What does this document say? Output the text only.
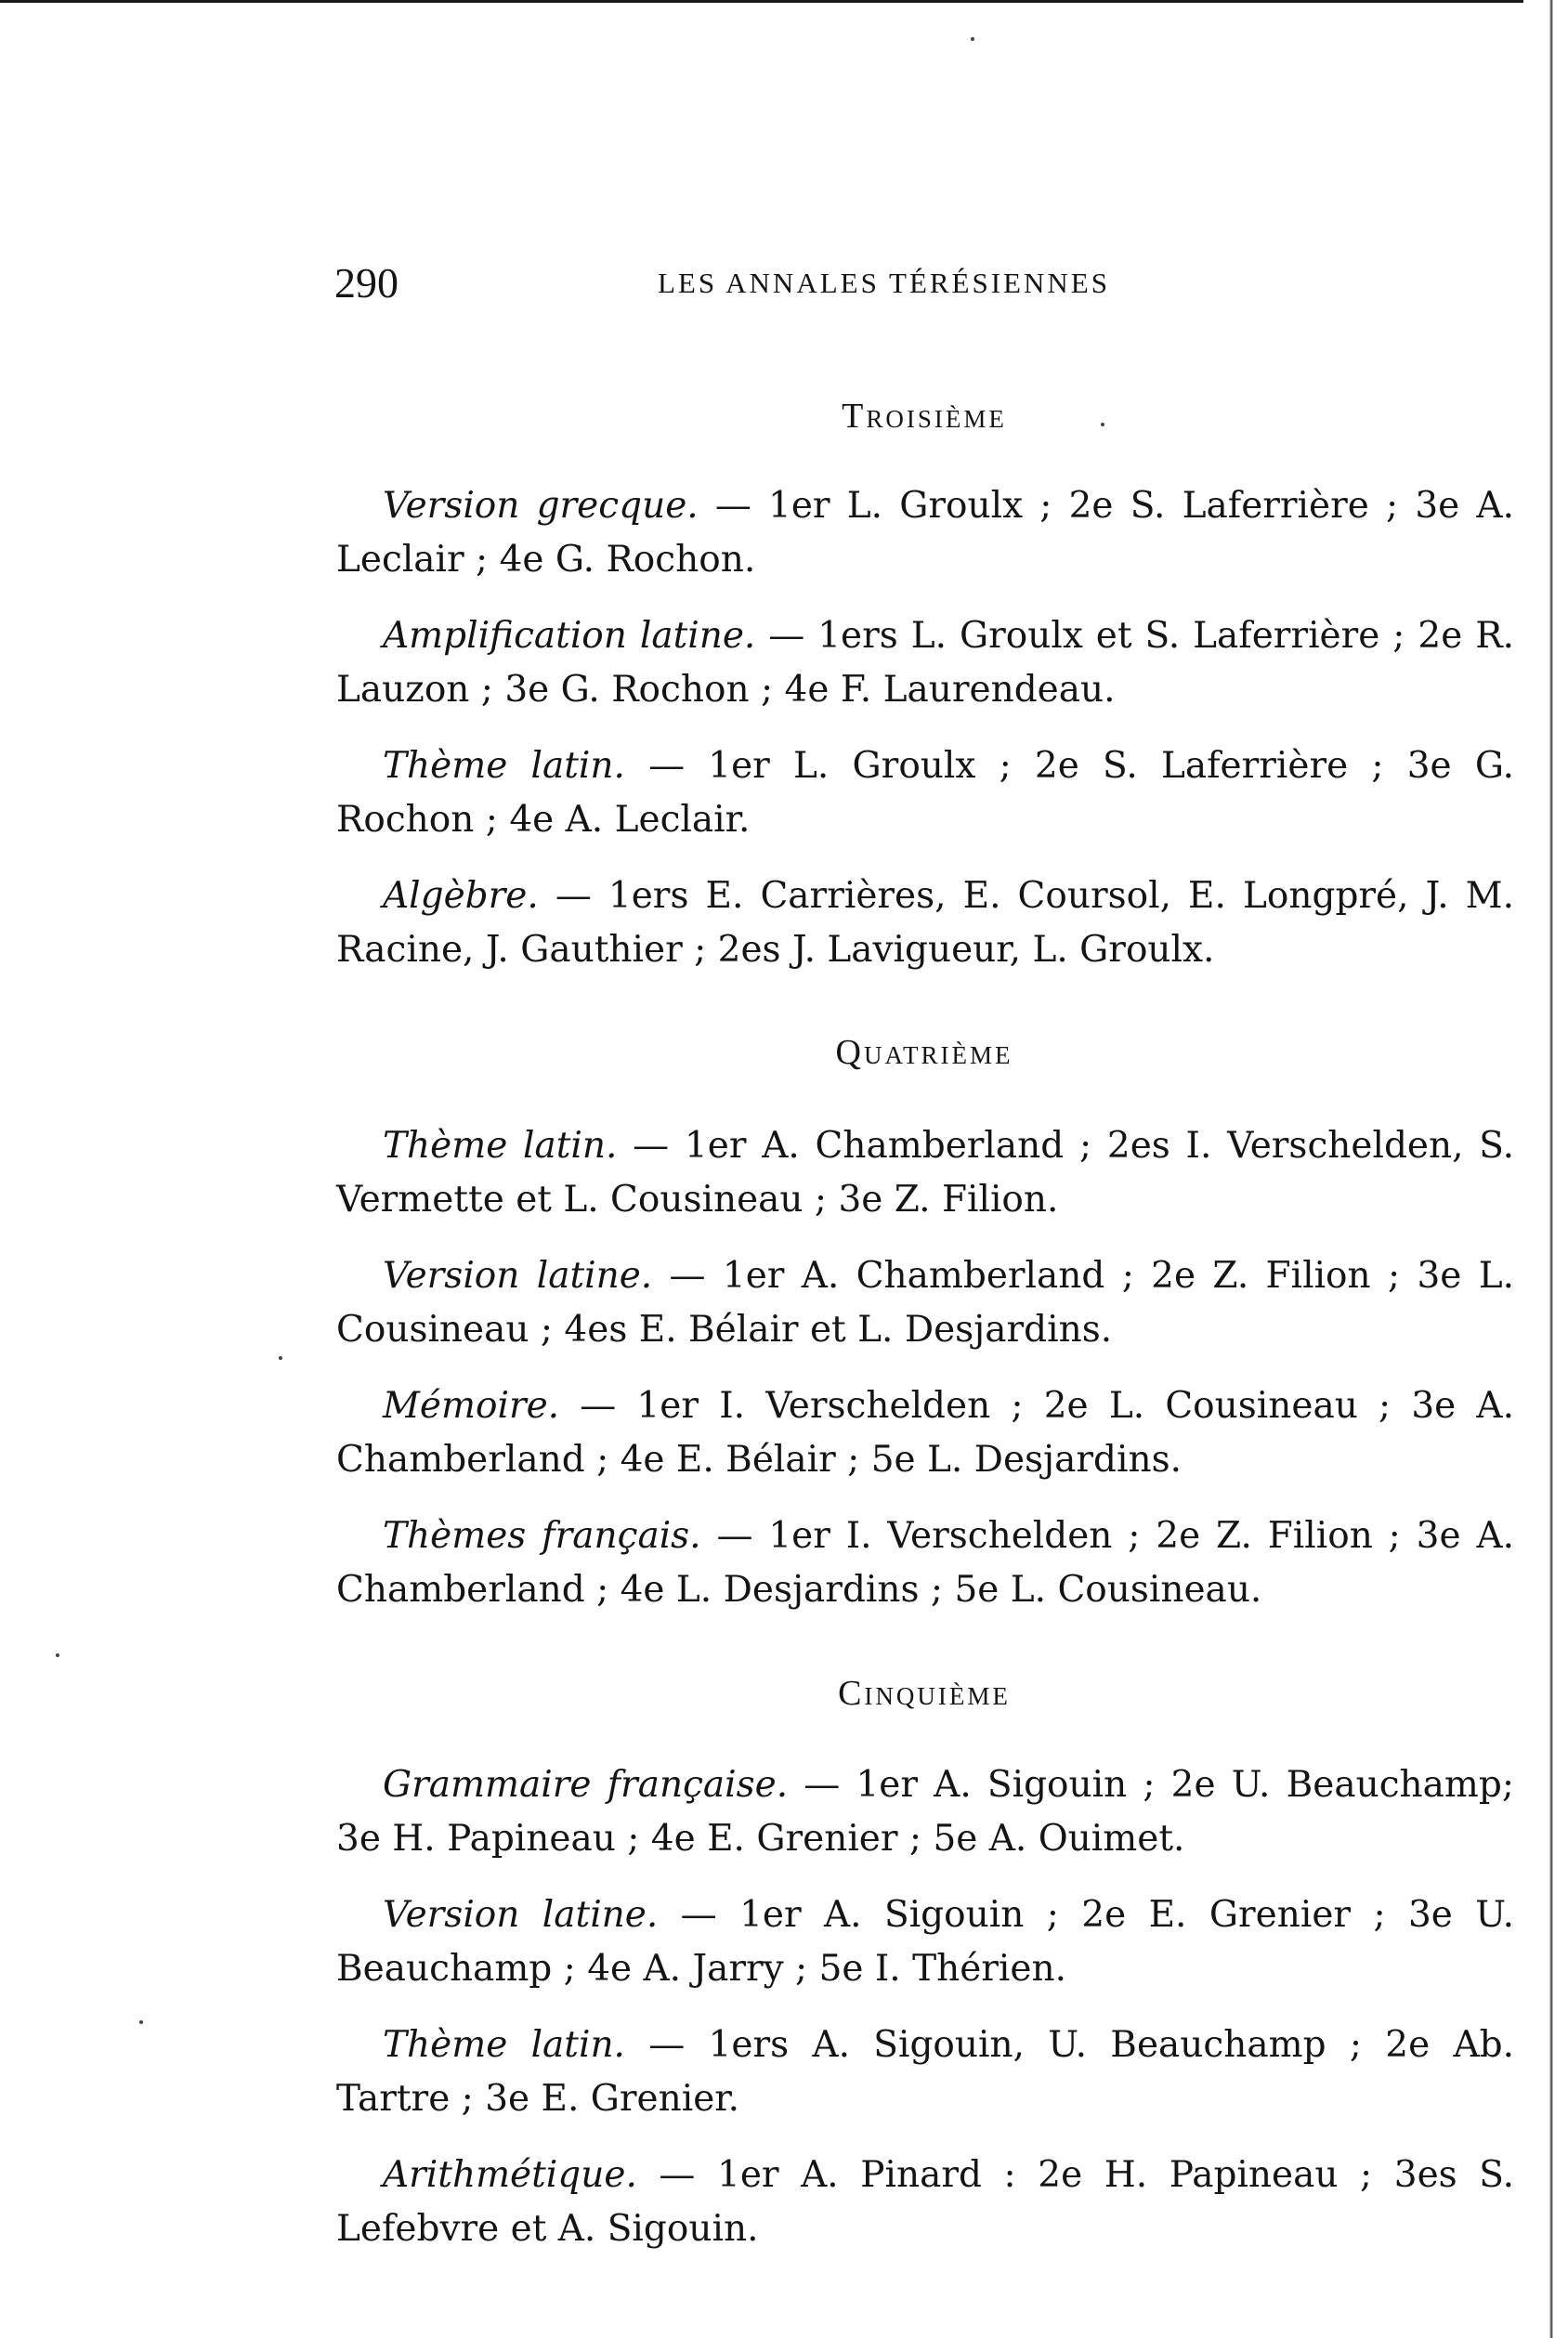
290	LES ANNALES TÉRÉSIENNES
Troisième

Version grecque. — 1er L. Groulx ; 2e S. Laferrière ; 3e A. Leclair ; 4e G. Rochon.

Amplification latine. — 1ers L. Groulx et S. Laferrière ; 2e R. Lauzon ; 3e G. Rochon ; 4e F. Laurendeau.

Thème latin. — 1er L. Groulx ; 2e S. Laferrière ; 3e G. Rochon ; 4e A. Leclair.

Algèbre. — 1ers E. Carrières, E. Coursol, E. Longpré, J. M. Racine, J. Gauthier ; 2es J. Lavigueur, L. Groulx.

Quatrième

Thème latin. — 1er A. Chamberland ; 2es I. Verschelden, S. Vermette et L. Cousineau ; 3e Z. Filion.

Version latine. — 1er A. Chamberland ; 2e Z. Filion ; 3e L. Cousineau ; 4es E. Bélair et L. Desjardins.

Mémoire. — 1er I. Verschelden ; 2e L. Cousineau ; 3e A. Chamberland ; 4e E. Bélair ; 5e L. Desjardins.

Thèmes français. — 1er I. Verschelden ; 2e Z. Filion ; 3e A. Chamberland ; 4e L. Desjardins ; 5e L. Cousineau.

Cinquième

Grammaire française. — 1er A. Sigouin ; 2e U. Beauchamp; 3e H. Papineau ; 4e E. Grenier ; 5e A. Ouimet.

Version latine. — 1er A. Sigouin ; 2e E. Grenier ; 3e U. Beauchamp ; 4e A. Jarry ; 5e I. Thérien.

Thème latin. — 1ers A. Sigouin, U. Beauchamp ; 2e Ab. Tartre ; 3e E. Grenier.

Arithmétique. — 1er A. Pinard : 2e H. Papineau ; 3es S. Lefebvre et A. Sigouin.
